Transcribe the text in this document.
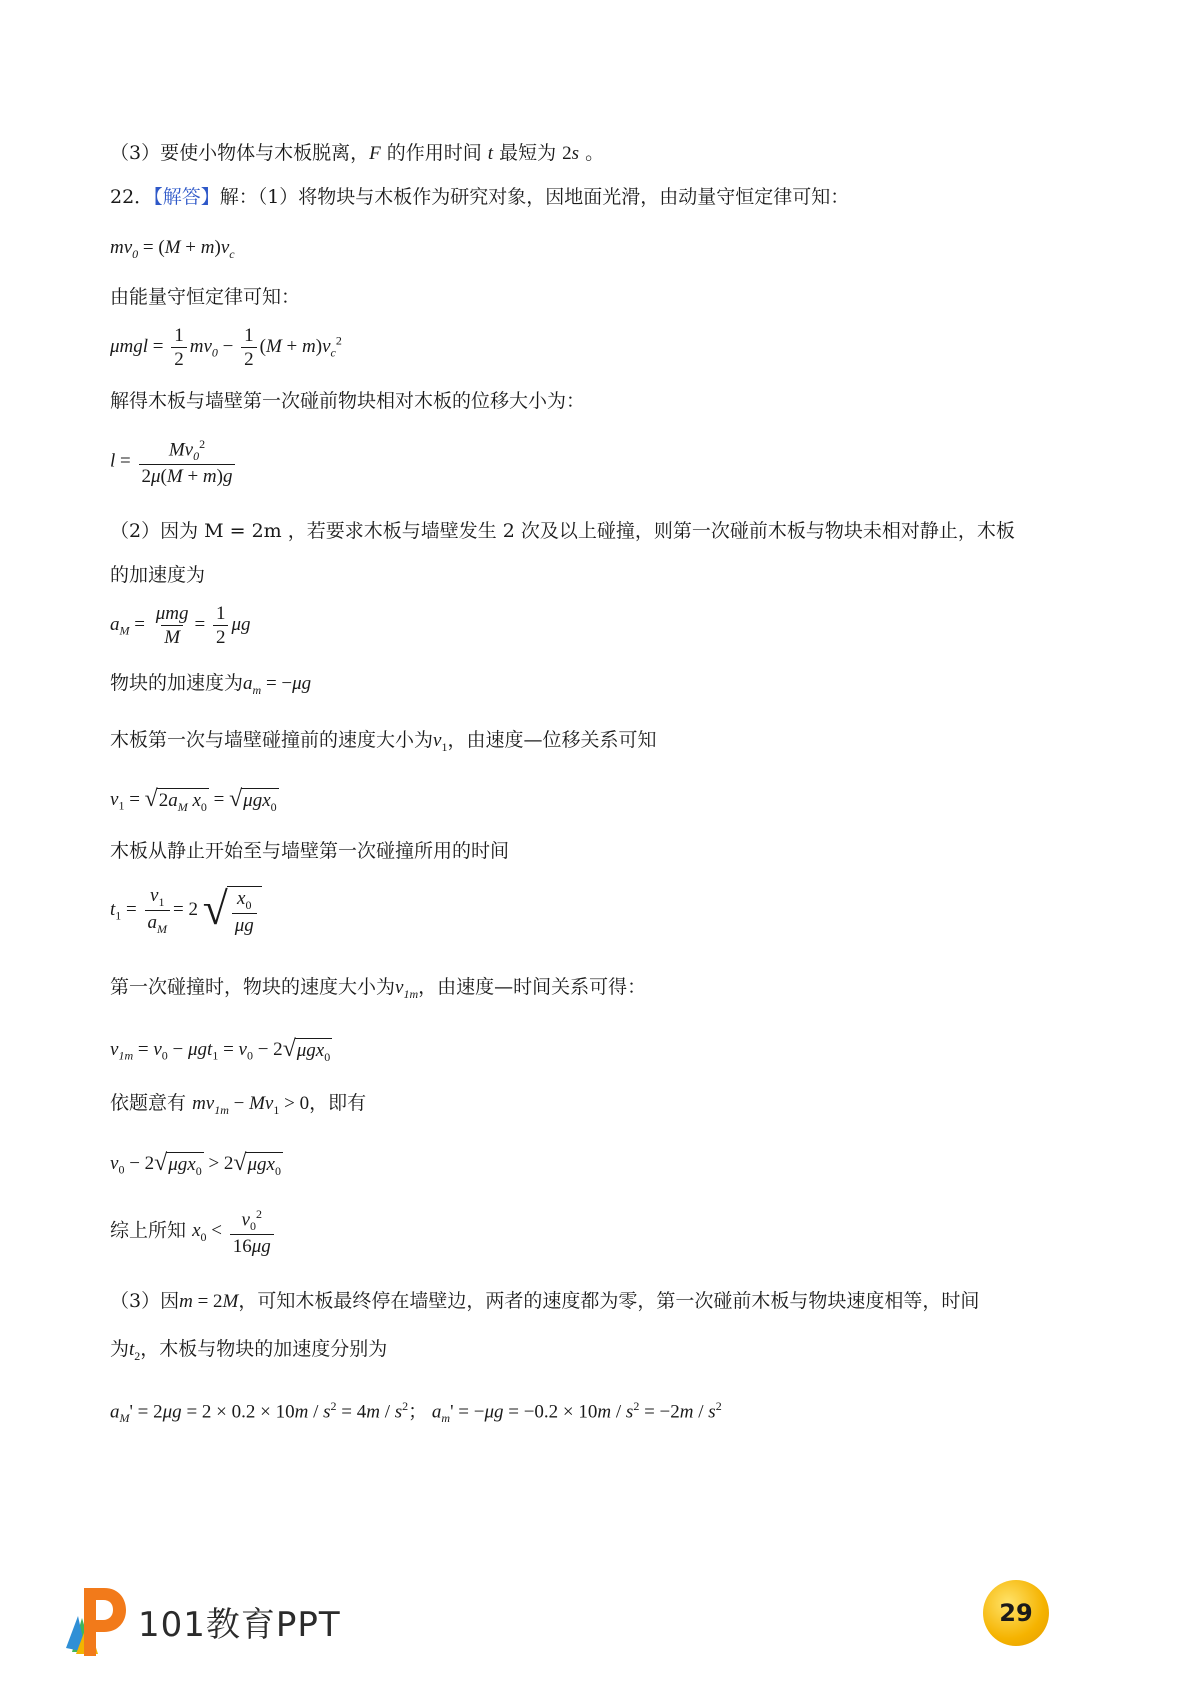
（3）要使小物体与木板脱离，F 的作用时间 t 最短为 2s 。
22．【解答】解：（1）将物块与木板作为研究对象，因地面光滑，由动量守恒定律可知：
$mv_0 = (M + m)v_c$
由能量守恒定律可知：
$\mu mgl = \frac{1}{2} mv_0 - \frac{1}{2} (M + m)v_c^2$
解得木板与墙壁第一次碰前物块相对木板的位移大小为：
$l = \frac{Mv_0^2}{2\mu(M + m)g}$
（2）因为 M = 2m ，若要求木板与墙壁发生 2 次及以上碰撞，则第一次碰前木板与物块未相对静止，木板
的加速度为
$a_M = \frac{\text{μmg}}{M} = \frac{1}{2}$ μg
物块的加速度为$a_m = -\mu g$
木板第一次与墙壁碰撞前的速度大小为$v_1$，由速度—位移关系可知
$v_1$ = √ $2a_M$ $x_0$ = √ μgx$_0$
木板从静止开始至与墙壁第一次碰撞所用的时间
$t_1 = \frac{v_1}{a_M} = 2$ √ $\frac{x_0}{\mu g}$
第一次碰撞时，物块的速度大小为$v_{1m}$，由速度—时间关系可得：
$v_{1m} = v_0 - \mu gt_1 = v_0 - 2$ √ μgx$_0$
依题意有 $mv_{1m} - Mv_1 > 0$，即有
$v_0 - 2$ √ μgx$_0$ > 2 √ μgx$_0$
综上所知 $x_0 < \frac{v_0^2}{16\mu g}$
（3）因m = 2M，可知木板最终停在墙壁边，两者的速度都为零，第一次碰前木板与物块速度相等，时间
为$t_2$，木板与物块的加速度分别为
$a_M' = 2\mu g = 2 \times 0.2 \times 10m / s^2 = 4m / s^2$； $a_m' = -\mu g = -0.2 \times 10m / s^2 = -2m / s^2$
101教育PPT	29
